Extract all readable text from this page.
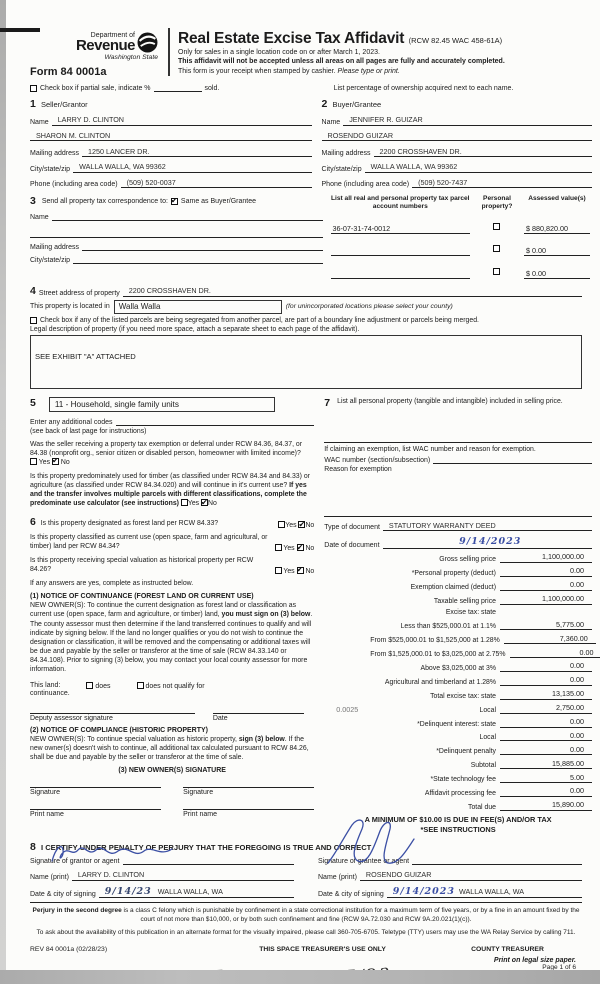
Department of
Revenue
Washington State
Form 84 0001a
Real Estate Excise Tax Affidavit (RCW 82.45 WAC 458-61A)
Only for sales in a single location code on or after March 1, 2023.
This affidavit will not be accepted unless all areas on all pages are fully and accurately completed.
This form is your receipt when stamped by cashier. Please type or print.
Check box if partial sale, indicate %	sold.	List percentage of ownership acquired next to each name.
1 Seller/Grantor
Name	LARRY D. CLINTON
SHARON M. CLINTON
Mailing address	1250 LANCER DR.
City/state/zip	WALLA WALLA, WA 99362
Phone (including area code)	(509) 520-0037
2 Buyer/Grantee
Name	JENNIFER R. GUIZAR
ROSENDO GUIZAR
Mailing address	2200 CROSSHAVEN DR.
City/state/zip	WALLA WALLA, WA 99362
Phone (including area code)	(509) 520-7437
3 Send all property tax correspondence to: ✔ Same as Buyer/Grantee
Name
Mailing address
City/state/zip
List all real and personal property tax parcel account numbers
Personal property?
Assessed value(s)
36-07-31-74-0012	$ 880,820.00
$ 0.00
$ 0.00
4 Street address of property	2200 CROSSHAVEN DR.
This property is located in	Walla Walla	(for unincorporated locations please select your county)
Check box if any of the listed parcels are being segregated from another parcel, are part of a boundary line adjustment or parcels being merged.
Legal description of property (if you need more space, attach a separate sheet to each page of the affidavit).
SEE EXHIBIT "A" ATTACHED
5	11 - Household, single family units
Enter any additional codes
(see back of last page for instructions)
Was the seller receiving a property tax exemption or deferral under RCW 84.36, 84.37, or 84.38 (nonprofit org., senior citizen or disabled person, homeowner with limited income)?  Yes ✔ No
Is this property predominately used for timber (as classified under RCW 84.34 and 84.33) or agriculture (as classified under RCW 84.34.020) and will continue in it's current use? If yes and the transfer involves multiple parcels with different classifications, complete the predominate use calculator (see instructions) Yes ✔ No
6 Is this property designated as forest land per RCW 84.33?	Yes ✔ No
Is this property classified as current use (open space, farm and agricultural, or timber) land per RCW 84.34?	Yes ✔ No
Is this property receiving special valuation as historical property per RCW 84.26?	Yes ✔ No
If any answers are yes, complete as instructed below.
(1) NOTICE OF CONTINUANCE (FOREST LAND OR CURRENT USE)
NEW OWNER(S): To continue the current designation as forest land or classification as current use (open space, farm and agriculture, or timber) land, you must sign on (3) below. The county assessor must then determine if the land transferred continues to qualify and will indicate by signing below. If the land no longer qualifies or you do not wish to continue the designation or classification, it will be removed and the compensating or additional taxes will be due and payable by the seller or transferor at the time of sale (RCW 84.33.140 or 84.34.108). Prior to signing (3) below, you may contact your local county assessor for more information.
This land:	does	does not qualify for
continuance.
Deputy assessor signature	Date
(2) NOTICE OF COMPLIANCE (HISTORIC PROPERTY)
NEW OWNER(S): To continue special valuation as historic property, sign (3) below. If the new owner(s) doesn't wish to continue, all additional tax calculated pursuant to RCW 84.26, shall be due and payable by the seller or transferor at the time of sale.
(3) NEW OWNER(S) SIGNATURE
Signature	Signature
Print name	Print name
7 List all personal property (tangible and intangible) included in selling price.
If claiming an exemption, list WAC number and reason for exemption.
WAC number (section/subsection)
Reason for exemption
Type of document	STATUTORY WARRANTY DEED
Date of document	9/14/2023
Gross selling price	1,100,000.00
*Personal property (deduct)	0.00
Exemption claimed (deduct)	0.00
Taxable selling price	1,100,000.00
Excise tax: state
Less than $525,000.01 at 1.1%	5,775.00
From $525,000.01 to $1,525,000 at 1.28%	7,360.00
From $1,525,000.01 to $3,025,000 at 2.75%	0.00
Above $3,025,000 at 3%	0.00
Agricultural and timberland at 1.28%	0.00
Total excise tax: state	13,135.00
0.0025	Local	2,750.00
*Delinquent interest: state	0.00
Local	0.00
*Delinquent penalty	0.00
Subtotal	15,885.00
*State technology fee	5.00
Affidavit processing fee	0.00
Total due	15,890.00
A MINIMUM OF $10.00 IS DUE IN FEE(S) AND/OR TAX
*SEE INSTRUCTIONS
8 I CERTIFY UNDER PENALTY OF PERJURY THAT THE FOREGOING IS TRUE AND CORRECT
Signature of grantor or agent
Name (print)	LARRY D. CLINTON
Date & city of signing 9/14/23 WALLA WALLA, WA
Signature of grantee or agent
Name (print)	ROSENDO GUIZAR
Date & city of signing 9/14/2023 WALLA WALLA, WA
Perjury in the second degree is a class C felony which is punishable by confinement in a state correctional institution for a maximum term of five years, or by a fine in an amount fixed by the court of not more than $10,000, or by both such confinement and fine (RCW 9A.72.030 and RCW 9A.20.021(1)(c)).
To ask about the availability of this publication in an alternate format for the visually impaired, please call 360-705-6705. Teletype (TTY) users may use the WA Relay Service by calling 711.
REV 84 0001a (02/28/23)	THIS SPACE TREASURER'S USE ONLY	COUNTY TREASURER
Print on legal size paper.
Page 1 of 6
